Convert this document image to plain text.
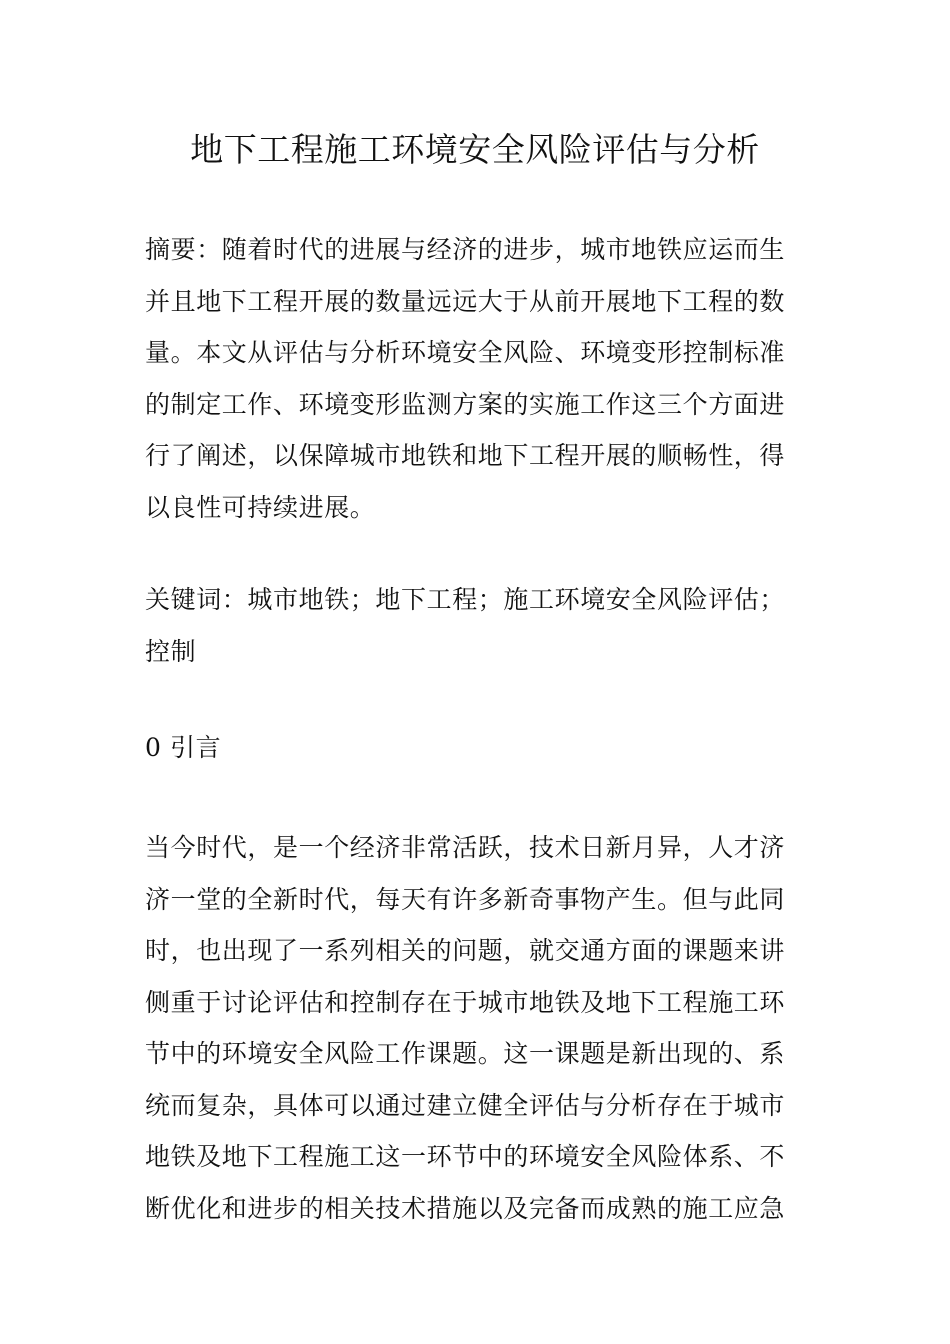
地下工程施工环境安全风险评估与分析

摘要：随着时代的进展与经济的进步，城市地铁应运而生
并且地下工程开展的数量远远大于从前开展地下工程的数
量。本文从评估与分析环境安全风险、环境变形控制标准
的制定工作、环境变形监测方案的实施工作这三个方面进
行了阐述，以保障城市地铁和地下工程开展的顺畅性，得
以良性可持续进展。

关键词：城市地铁；地下工程；施工环境安全风险评估；
控制

0 引言

当今时代，是一个经济非常活跃，技术日新月异，人才济
济一堂的全新时代，每天有许多新奇事物产生。但与此同
时，也出现了一系列相关的问题，就交通方面的课题来讲
侧重于讨论评估和控制存在于城市地铁及地下工程施工环
节中的环境安全风险工作课题。这一课题是新出现的、系
统而复杂，具体可以通过建立健全评估与分析存在于城市
地铁及地下工程施工这一环节中的环境安全风险体系、不
断优化和进步的相关技术措施以及完备而成熟的施工应急
